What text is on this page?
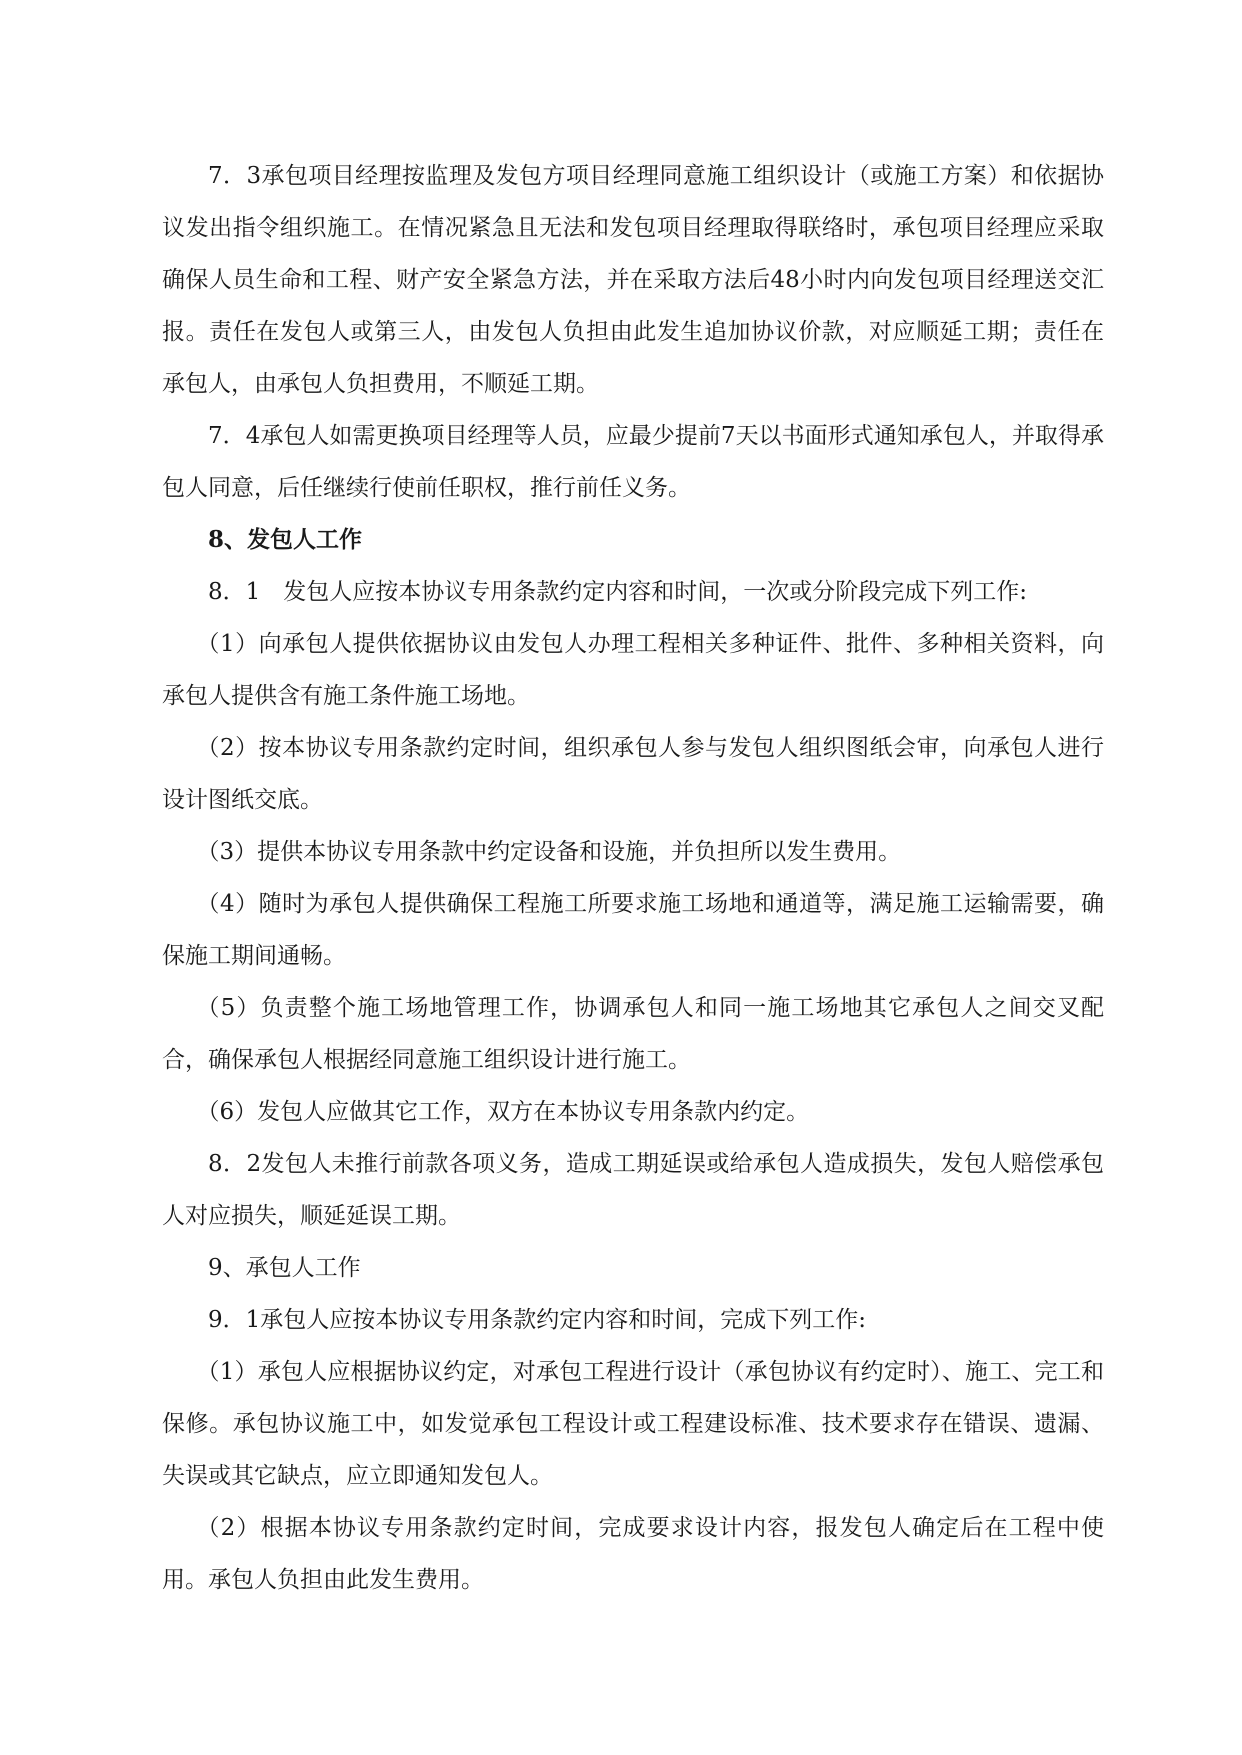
7．3承包项目经理按监理及发包方项目经理同意施工组织设计（或施工方案）和依据协议发出指令组织施工。在情况紧急且无法和发包项目经理取得联络时，承包项目经理应采取确保人员生命和工程、财产安全紧急方法，并在采取方法后48小时内向发包项目经理送交汇报。责任在发包人或第三人，由发包人负担由此发生追加协议价款，对应顺延工期；责任在承包人，由承包人负担费用，不顺延工期。

7．4承包人如需更换项目经理等人员，应最少提前7天以书面形式通知承包人，并取得承包人同意，后任继续行使前任职权，推行前任义务。

8、发包人工作

8．1　发包人应按本协议专用条款约定内容和时间，一次或分阶段完成下列工作:

（1）向承包人提供依据协议由发包人办理工程相关多种证件、批件、多种相关资料，向承包人提供含有施工条件施工场地。

（2）按本协议专用条款约定时间，组织承包人参与发包人组织图纸会审，向承包人进行设计图纸交底。

（3）提供本协议专用条款中约定设备和设施，并负担所以发生费用。

（4）随时为承包人提供确保工程施工所要求施工场地和通道等，满足施工运输需要，确保施工期间通畅。

（5）负责整个施工场地管理工作，协调承包人和同一施工场地其它承包人之间交叉配合，确保承包人根据经同意施工组织设计进行施工。

（6）发包人应做其它工作，双方在本协议专用条款内约定。

8．2发包人未推行前款各项义务，造成工期延误或给承包人造成损失，发包人赔偿承包人对应损失，顺延延误工期。

9、承包人工作

9．1承包人应按本协议专用条款约定内容和时间，完成下列工作:

（1）承包人应根据协议约定，对承包工程进行设计（承包协议有约定时）、施工、完工和保修。承包协议施工中，如发觉承包工程设计或工程建设标准、技术要求存在错误、遗漏、失误或其它缺点，应立即通知发包人。

（2）根据本协议专用条款约定时间，完成要求设计内容，报发包人确定后在工程中使用。承包人负担由此发生费用。
